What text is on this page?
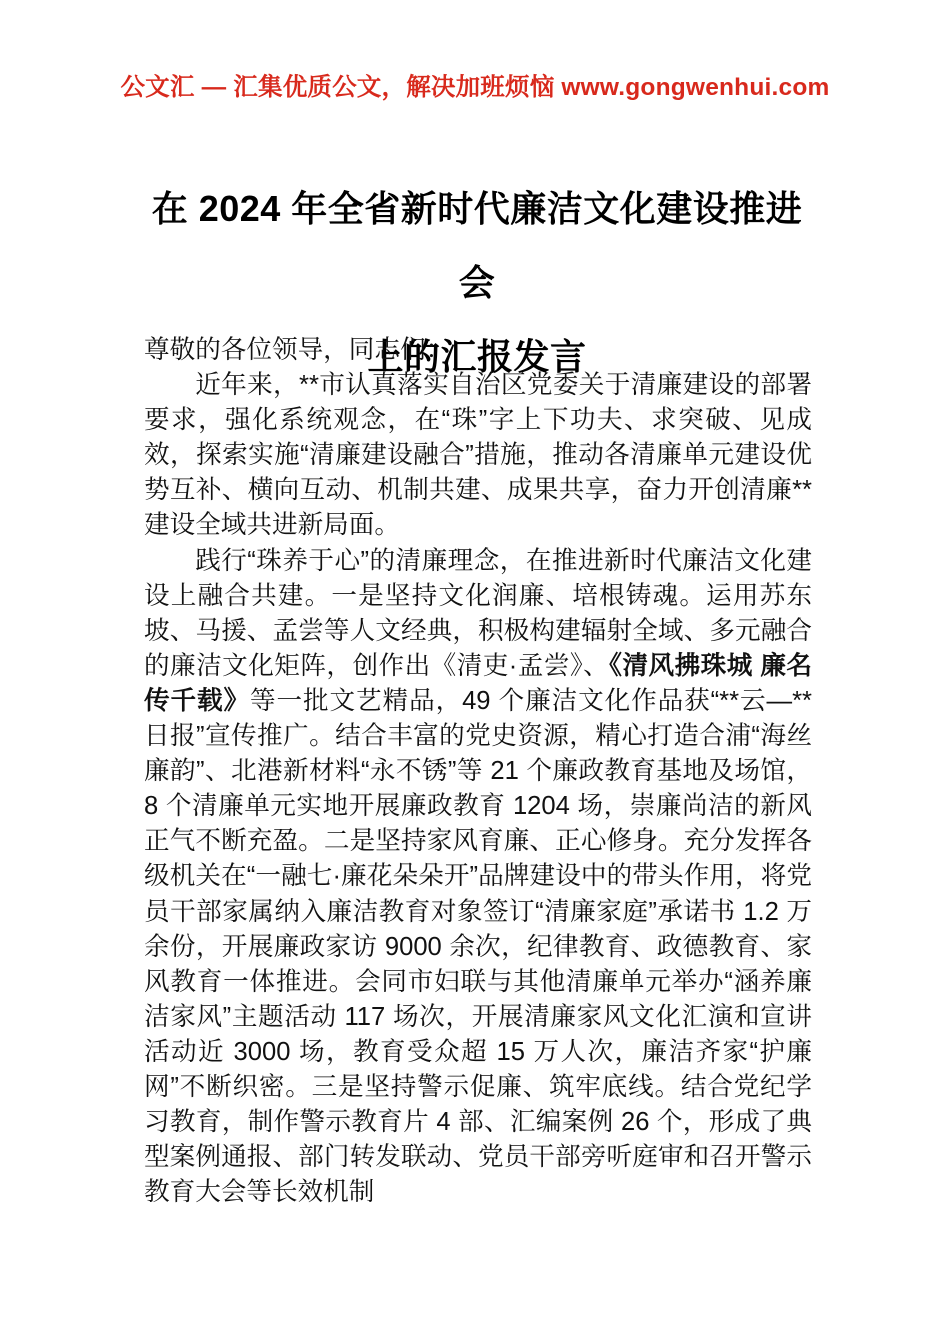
公文汇 — 汇集优质公文，解决加班烦恼 www.gongwenhui.com
在 2024 年全省新时代廉洁文化建设推进会
上的汇报发言

尊敬的各位领导，同志们：

近年来，**市认真落实自治区党委关于清廉建设的部署要求，强化系统观念，在“珠”字上下功夫、求突破、见成效，探索实施“清廉建设融合”措施，推动各清廉单元建设优势互补、横向互动、机制共建、成果共享，奋力开创清廉**建设全域共进新局面。

践行“珠养于心”的清廉理念，在推进新时代廉洁文化建设上融合共建。一是坚持文化润廉、培根铸魂。运用苏东坡、马援、孟尝等人文经典，积极构建辐射全域、多元融合的廉洁文化矩阵，创作出《清吏·孟尝》、《清风拂珠城 廉名传千载》等一批文艺精品，49 个廉洁文化作品获“**云—**日报”宣传推广。结合丰富的党史资源，精心打造合浦“海丝廉韵”、北港新材料“永不锈”等 21 个廉政教育基地及场馆，8 个清廉单元实地开展廉政教育 1204 场，崇廉尚洁的新风正气不断充盈。二是坚持家风育廉、正心修身。充分发挥各级机关在“一融七·廉花朵朵开”品牌建设中的带头作用，将党员干部家属纳入廉洁教育对象签订“清廉家庭”承诺书 1.2 万余份，开展廉政家访 9000 余次，纪律教育、政德教育、家风教育一体推进。会同市妇联与其他清廉单元举办“涵养廉洁家风”主题活动 117 场次，开展清廉家风文化汇演和宣讲活动近 3000 场，教育受众超 15 万人次，廉洁齐家“护廉网”不断织密。三是坚持警示促廉、筑牢底线。结合党纪学习教育，制作警示教育片 4 部、汇编案例 26 个，形成了典型案例通报、部门转发联动、党员干部旁听庭审和召开警示教育大会等长效机制
